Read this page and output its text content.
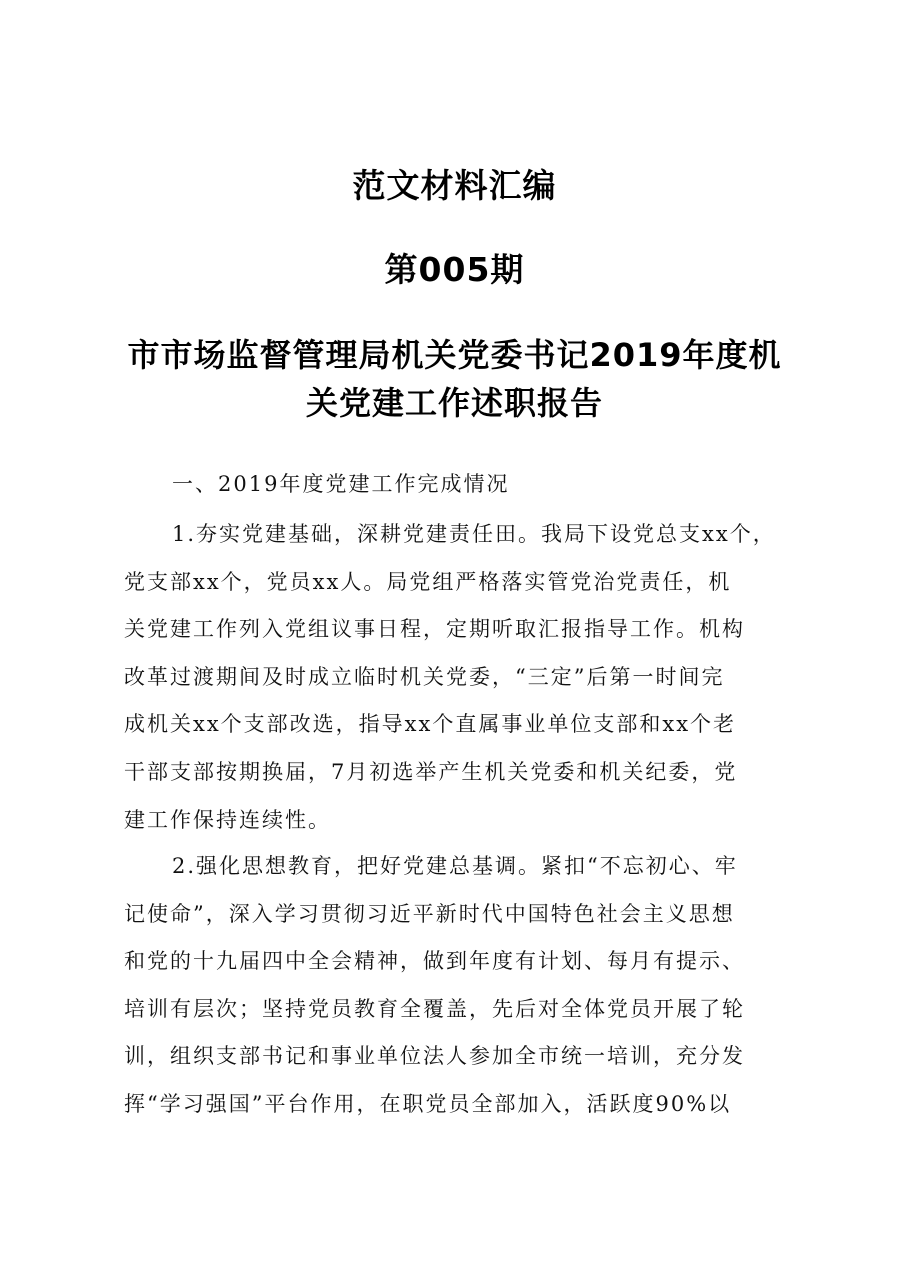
范文材料汇编
第005期
市市场监督管理局机关党委书记2019年度机
关党建工作述职报告
一、2019年度党建工作完成情况
1.夯实党建基础，深耕党建责任田。我局下设党总支xx个，
党支部xx个，党员xx人。局党组严格落实管党治党责任，机
关党建工作列入党组议事日程，定期听取汇报指导工作。机构
改革过渡期间及时成立临时机关党委，“三定”后第一时间完
成机关xx个支部改选，指导xx个直属事业单位支部和xx个老
干部支部按期换届，7月初选举产生机关党委和机关纪委，党
建工作保持连续性。
2.强化思想教育，把好党建总基调。紧扣“不忘初心、牢
记使命”，深入学习贯彻习近平新时代中国特色社会主义思想
和党的十九届四中全会精神，做到年度有计划、每月有提示、
培训有层次；坚持党员教育全覆盖，先后对全体党员开展了轮
训，组织支部书记和事业单位法人参加全市统一培训，充分发
挥“学习强国”平台作用，在职党员全部加入，活跃度90%以
